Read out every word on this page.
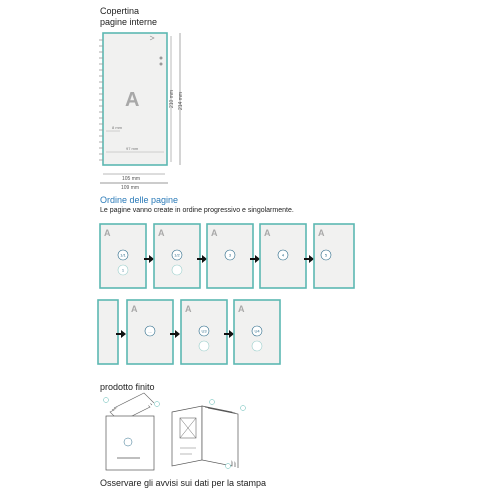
Copertina
pagine interne
Ordine delle pagine
Le pagine vanno create in ordine progressivo e singolarmente.
prodotto finito
Osservare gli avvisi sui dati per la stampa
A
8 mm
97 mm
210 mm 214 mm
105 mm
109 mm
A
1/1
1
A
1/2
A
3
A
4
A
5
A
...
A
U3
A
U4
